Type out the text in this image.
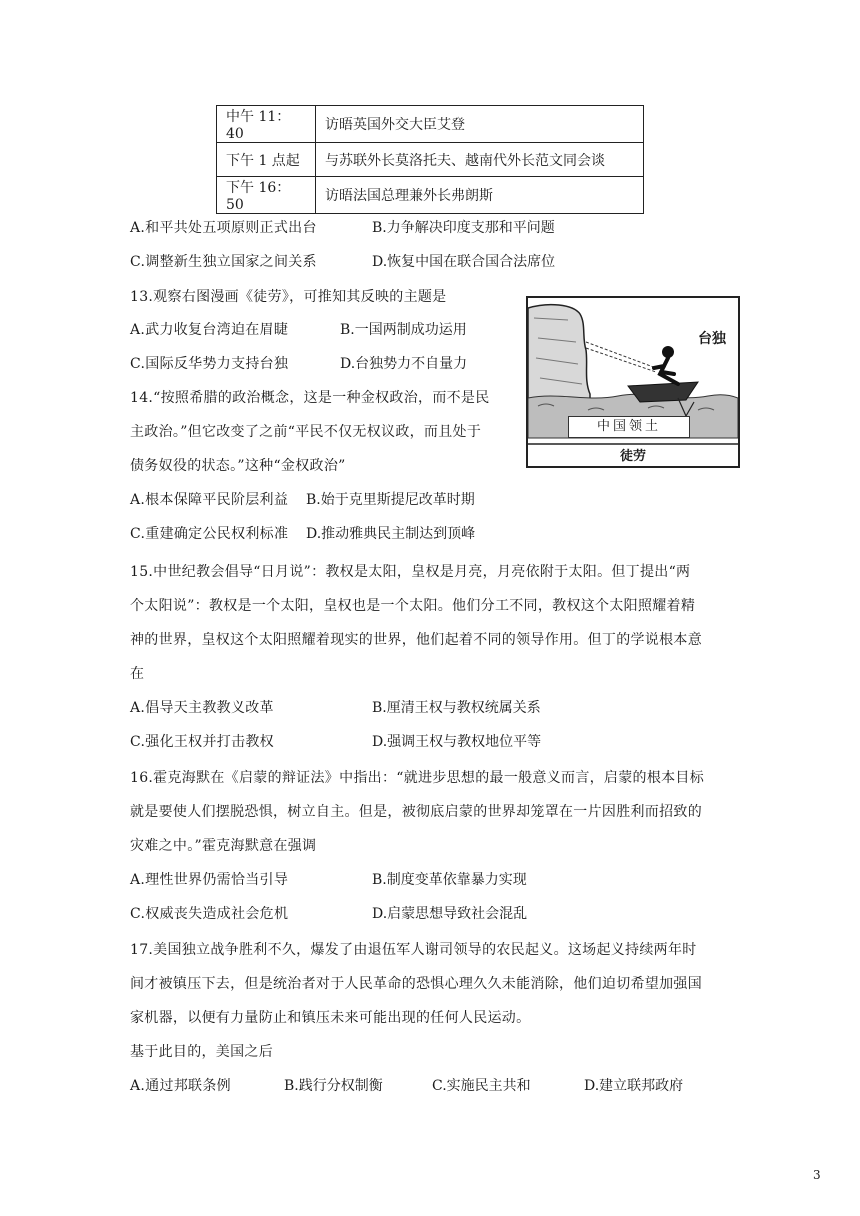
中午 11：40	访晤英国外交大臣艾登
下午 1 点起	与苏联外长莫洛托夫、越南代外长范文同会谈
下午 16：50	访晤法国总理兼外长弗朗斯
A.和平共处五项原则正式出台	B.力争解决印度支那和平问题
C.调整新生独立国家之间关系	D.恢复中国在联合国合法席位
13.观察右图漫画《徒劳》，可推知其反映的主题是
A.武力收复台湾迫在眉睫	B.一国两制成功运用
C.国际反华势力支持台独	D.台独势力不自量力
台独
中国领土
徒劳
14.“按照希腊的政治概念，这是一种金权政治，而不是民
主政治。”但它改变了之前“平民不仅无权议政，而且处于
债务奴役的状态。”这种“金权政治”
A.根本保障平民阶层利益 B.始于克里斯提尼改革时期
C.重建确定公民权利标准 D.推动雅典民主制达到顶峰
15.中世纪教会倡导“日月说”：教权是太阳，皇权是月亮，月亮依附于太阳。但丁提出“两
个太阳说”：教权是一个太阳，皇权也是一个太阳。他们分工不同，教权这个太阳照耀着精
神的世界，皇权这个太阳照耀着现实的世界，他们起着不同的领导作用。但丁的学说根本意
在
A.倡导天主教教义改革	B.厘清王权与教权统属关系
C.强化王权并打击教权	D.强调王权与教权地位平等
16.霍克海默在《启蒙的辩证法》中指出：“就进步思想的最一般意义而言，启蒙的根本目标
就是要使人们摆脱恐惧，树立自主。但是，被彻底启蒙的世界却笼罩在一片因胜利而招致的
灾难之中。”霍克海默意在强调
A.理性世界仍需恰当引导	B.制度变革依靠暴力实现
C.权威丧失造成社会危机	D.启蒙思想导致社会混乱
17.美国独立战争胜利不久，爆发了由退伍军人谢司领导的农民起义。这场起义持续两年时
间才被镇压下去，但是统治者对于人民革命的恐惧心理久久未能消除，他们迫切希望加强国
家机器，以便有力量防止和镇压未来可能出现的任何人民运动。
基于此目的，美国之后
A.通过邦联条例	B.践行分权制衡	C.实施民主共和	D.建立联邦政府
3
